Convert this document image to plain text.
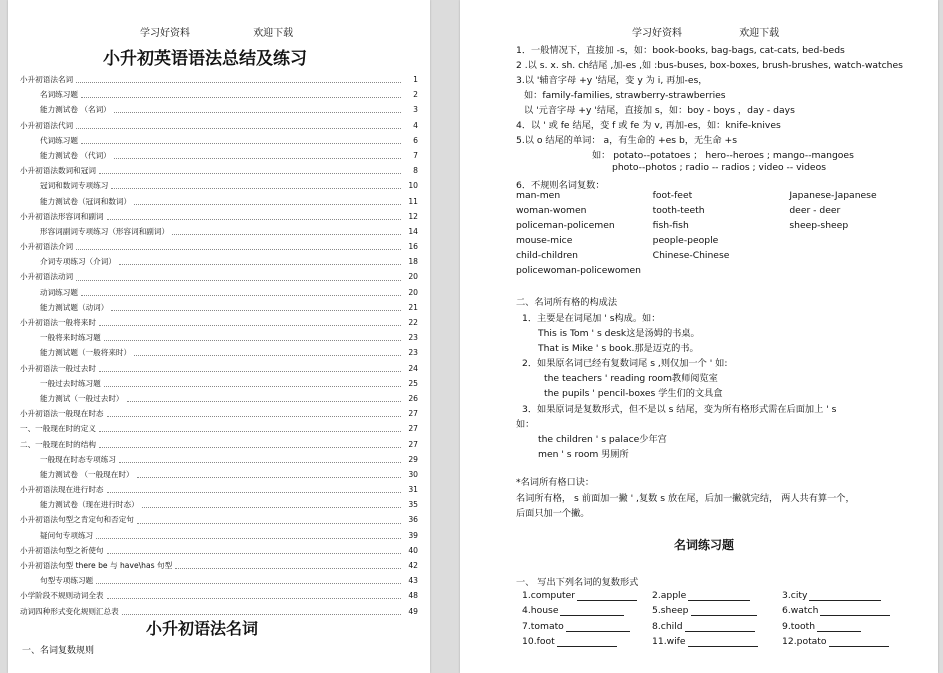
学习好资料	欢迎下载
小升初英语语法总结及练习
小升初语法名词	1
名词练习题	2
能力测试卷 （名词）	3
小升初语法代词	4
代词练习题	6
能力测试卷 （代词）	7
小升初语法数词和冠词	8
冠词和数词专项练习	10
能力测试卷（冠词和数词）	11
小升初语法形容词和副词	12
形容词副词专项练习（形容词和副词）	14
小升初语法介词	16
介词专项练习（介词）	18
小升初语法动词	20
动词练习题	20
能力测试题（动词）	21
小升初语法一般将来时	22
一般将来时练习题	23
能力测试题（一般将来时）	23
小升初语法一般过去时	24
一般过去时练习题	25
能力测试（一般过去时）	26
小升初语法一般现在时态	27
一、一般现在时的定义	27
二、一般现在时的结构	27
一般现在时态专项练习	29
能力测试卷 （一般现在时）	30
小升初语法现在进行时态	31
能力测试卷（现在进行时态）	35
小升初语法句型之肯定句和否定句	36
疑问句专项练习	39
小升初语法句型之祈使句	40
小升初语法句型 there be 与 have\has 句型	42
句型专项练习题	43
小学阶段不规则动词全表	48
动词四种形式变化规则汇总表	49
小升初语法名词
一、名词复数规则
学习好资料	欢迎下载
1．一般情况下，直接加 -s，如：book-books, bag-bags, cat-cats, bed-beds
2 .以 s. x. sh. ch结尾 ,加-es ,如 :bus-buses, box-boxes, brush-brushes, watch-watches
3.以 '辅音字母 +y '结尾，变 y 为 i, 再加-es，
如：family-families, strawberry-strawberries
以 '元音字母 +y '结尾，直接加 s，如：boy - boys ，day - days
4．以 ' 或 fe 结尾，变 f 或 fe 为 v, 再加-es，如：knife-knives
5.以 o 结尾的单词： a，有生命的 +es b，无生命 +s
如： potato--potatoes ； hero--heroes ; mango--mangoes
photo--photos ; radio -- radios ; video -- videos
6．不规则名词复数：
man-men	foot-feet	Japanese-Japanese
woman-women	tooth-teeth	deer - deer
policeman-policemen	fish-fish	sheep-sheep
mouse-mice	people-people
child-children	Chinese-Chinese
policewoman-policewomen
二、名词所有格的构成法
1．主要是在词尾加 ' s构成。如：
This is Tom ' s desk这是汤姆的书桌。
That is Mike ' s book.那是迈克的书。
2．如果原名词已经有复数词尾 s ,则仅加一个 ' 如:
the teachers ' reading room教师阅览室
the pupils ' pencil-boxes 学生们的文具盒
3．如果原词是复数形式，但不是以 s 结尾，变为所有格形式需在后面加上 ' s
如：
the children ' s palace少年宫
men ' s room 男厕所
*名词所有格口诀：
名词所有格， s 前面加一撇 ' ,复数 s 放在尾，后加一撇就完结， 两人共有算一个，
后面只加一个撇。
名词练习题
一、 写出下列名词的复数形式
1.computer	2.apple	3.city
4.house	5.sheep	6.watch
7.tomato	8.child	9.tooth
10.foot	11.wife	12.potato
